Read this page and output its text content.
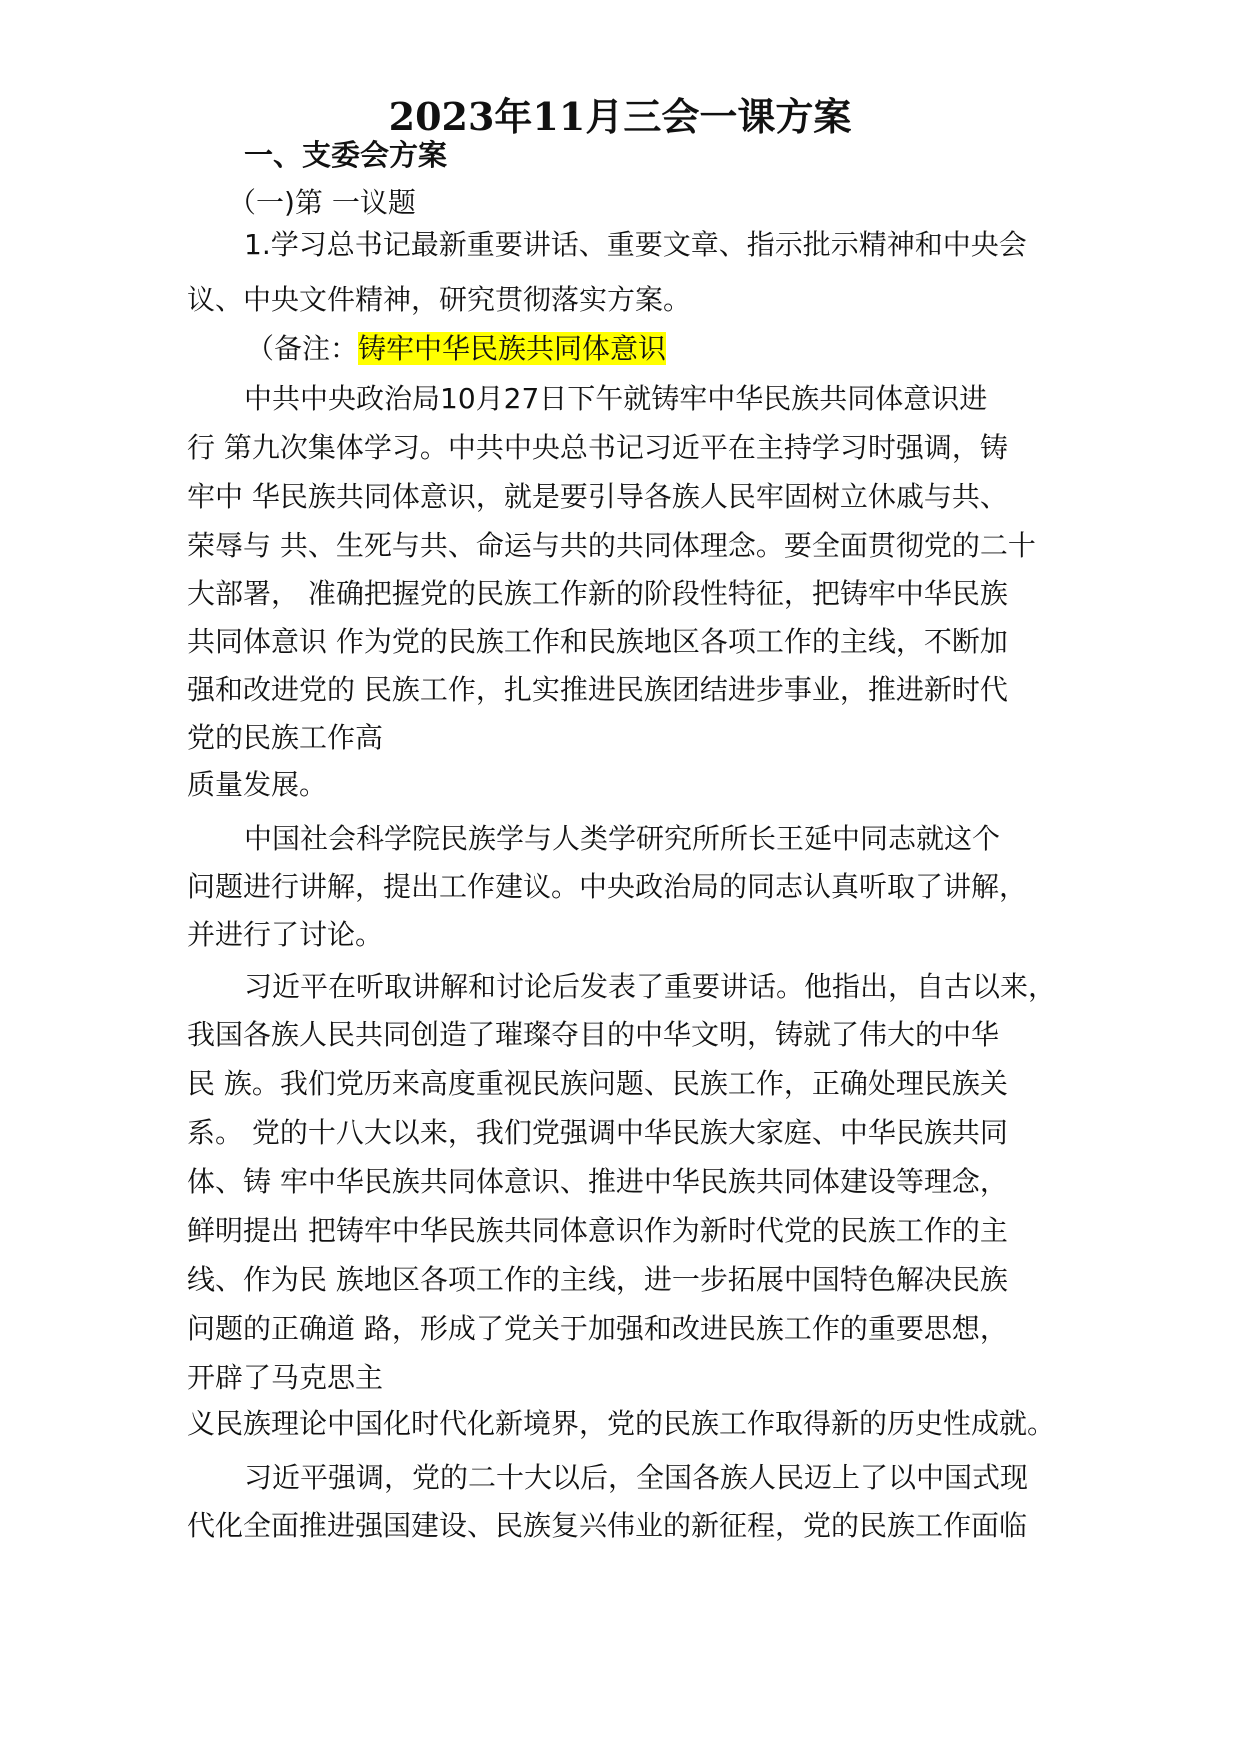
2023年11月三会一课方案
一、支委会方案
（一)第 一议题
1.学习总书记最新重要讲话、重要文章、指示批示精神和中央会
议、中央文件精神，研究贯彻落实方案。
（备注：铸牢中华民族共同体意识
中共中央政治局10月27日下午就铸牢中华民族共同体意识进
行 第九次集体学习。中共中央总书记习近平在主持学习时强调，铸
牢中 华民族共同体意识，就是要引导各族人民牢固树立休戚与共、
荣辱与 共、生死与共、命运与共的共同体理念。要全面贯彻党的二十
大部署， 准确把握党的民族工作新的阶段性特征，把铸牢中华民族
共同体意识 作为党的民族工作和民族地区各项工作的主线，不断加
强和改进党的 民族工作，扎实推进民族团结进步事业，推进新时代
党的民族工作高
质量发展。
中国社会科学院民族学与人类学研究所所长王延中同志就这个
问题进行讲解，提出工作建议。中央政治局的同志认真听取了讲解，
并进行了讨论。
习近平在听取讲解和讨论后发表了重要讲话。他指出，自古以来，
我国各族人民共同创造了璀璨夺目的中华文明，铸就了伟大的中华
民 族。我们党历来高度重视民族问题、民族工作，正确处理民族关
系。 党的十八大以来，我们党强调中华民族大家庭、中华民族共同
体、铸 牢中华民族共同体意识、推进中华民族共同体建设等理念，
鲜明提出 把铸牢中华民族共同体意识作为新时代党的民族工作的主
线、作为民 族地区各项工作的主线，进一步拓展中国特色解决民族
问题的正确道 路，形成了党关于加强和改进民族工作的重要思想，
开辟了马克思主
义民族理论中国化时代化新境界，党的民族工作取得新的历史性成就。
习近平强调，党的二十大以后，全国各族人民迈上了以中国式现
代化全面推进强国建设、民族复兴伟业的新征程，党的民族工作面临
